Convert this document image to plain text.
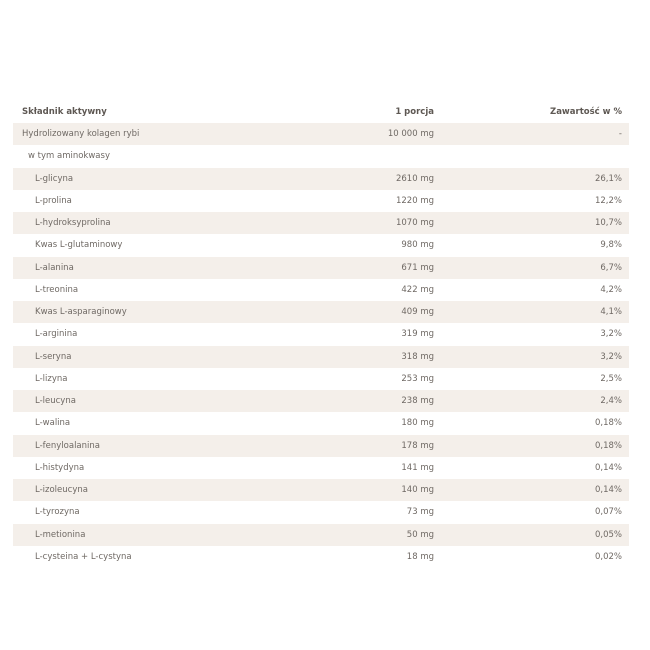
Składnik aktywny	1 porcja	Zawartość w %
Hydrolizowany kolagen rybi	10 000 mg	-
w tym aminokwasy		
L-glicyna	2610 mg	26,1%
L-prolina	1220 mg	12,2%
L-hydroksyprolina	1070 mg	10,7%
Kwas L-glutaminowy	980 mg	9,8%
L-alanina	671 mg	6,7%
L-treonina	422 mg	4,2%
Kwas L-asparaginowy	409 mg	4,1%
L-arginina	319 mg	3,2%
L-seryna	318 mg	3,2%
L-lizyna	253 mg	2,5%
L-leucyna	238 mg	2,4%
L-walina	180 mg	0,18%
L-fenyloalanina	178 mg	0,18%
L-histydyna	141 mg	0,14%
L-izoleucyna	140 mg	0,14%
L-tyrozyna	73 mg	0,07%
L-metionina	50 mg	0,05%
L-cysteina + L-cystyna	18 mg	0,02%
